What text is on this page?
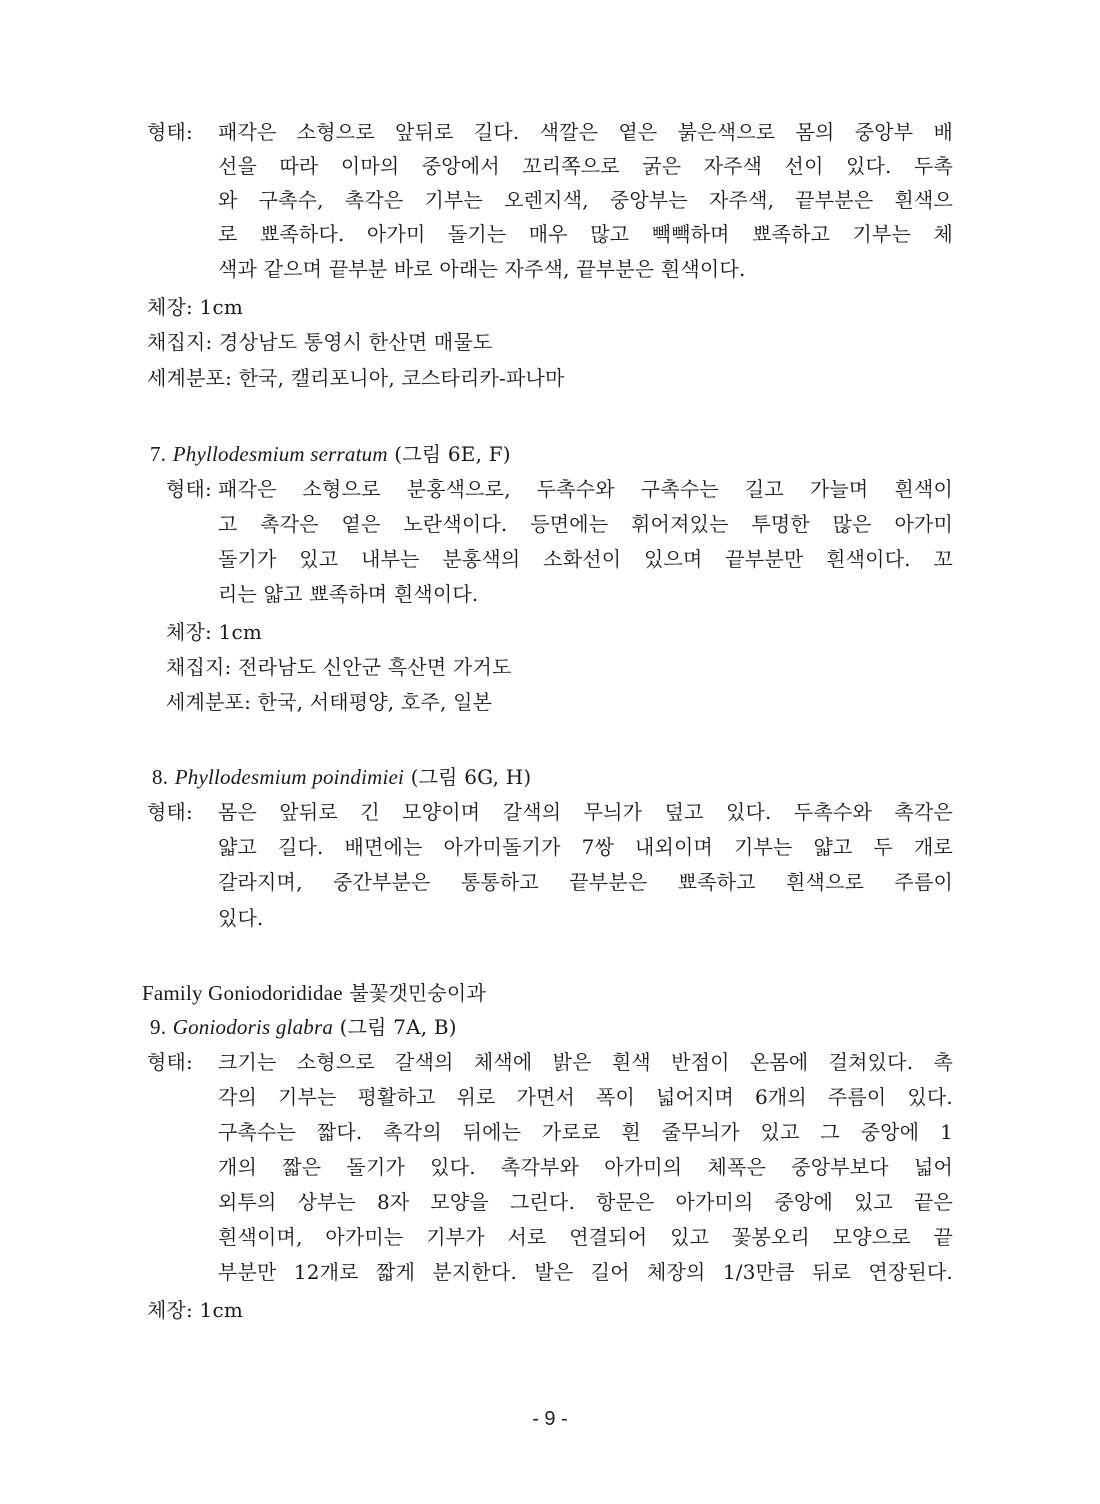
형태: 패각은 소형으로 앞뒤로 길다. 색깔은 옅은 붉은색으로 몸의 중앙부 배
선을 따라 이마의 중앙에서 꼬리쪽으로 굵은 자주색 선이 있다. 두촉
와 구촉수, 촉각은 기부는 오렌지색, 중앙부는 자주색, 끝부분은 흰색으
로 뾰족하다. 아가미 돌기는 매우 많고 빽빽하며 뾰족하고 기부는 체
색과 같으며 끝부분 바로 아래는 자주색, 끝부분은 흰색이다.
체장: 1cm
채집지: 경상남도 통영시 한산면 매물도
세계분포: 한국, 캘리포니아, 코스타리카-파나마
7. Phyllodesmium serratum (그림 6E, F)
형태: 패각은 소형으로 분홍색으로, 두촉수와 구촉수는 길고 가늘며 흰색이
고 촉각은 옅은 노란색이다. 등면에는 휘어져있는 투명한 많은 아가미
돌기가 있고 내부는 분홍색의 소화선이 있으며 끝부분만 흰색이다. 꼬
리는 얇고 뾰족하며 흰색이다.
체장: 1cm
채집지: 전라남도 신안군 흑산면 가거도
세계분포: 한국, 서태평양, 호주, 일본
8. Phyllodesmium poindimiei (그림 6G, H)
형태: 몸은 앞뒤로 긴 모양이며 갈색의 무늬가 덮고 있다. 두촉수와 촉각은
얇고 길다. 배면에는 아가미돌기가 7쌍 내외이며 기부는 얇고 두 개로
갈라지며, 중간부분은 통통하고 끝부분은 뾰족하고 흰색으로 주름이
있다.
Family Goniodorididae 불꽃갯민숭이과
9. Goniodoris glabra (그림 7A, B)
형태: 크기는 소형으로 갈색의 체색에 밝은 흰색 반점이 온몸에 걸쳐있다. 촉
각의 기부는 평활하고 위로 가면서 폭이 넓어지며 6개의 주름이 있다.
구촉수는 짧다. 촉각의 뒤에는 가로로 흰 줄무늬가 있고 그 중앙에 1
개의 짧은 돌기가 있다. 촉각부와 아가미의 체폭은 중앙부보다 넓어
외투의 상부는 8자 모양을 그린다. 항문은 아가미의 중앙에 있고 끝은
흰색이며, 아가미는 기부가 서로 연결되어 있고 꽃봉오리 모양으로 끝
부분만 12개로 짧게 분지한다. 발은 길어 체장의 1/3만큼 뒤로 연장된다.
체장: 1cm
- 9 -
